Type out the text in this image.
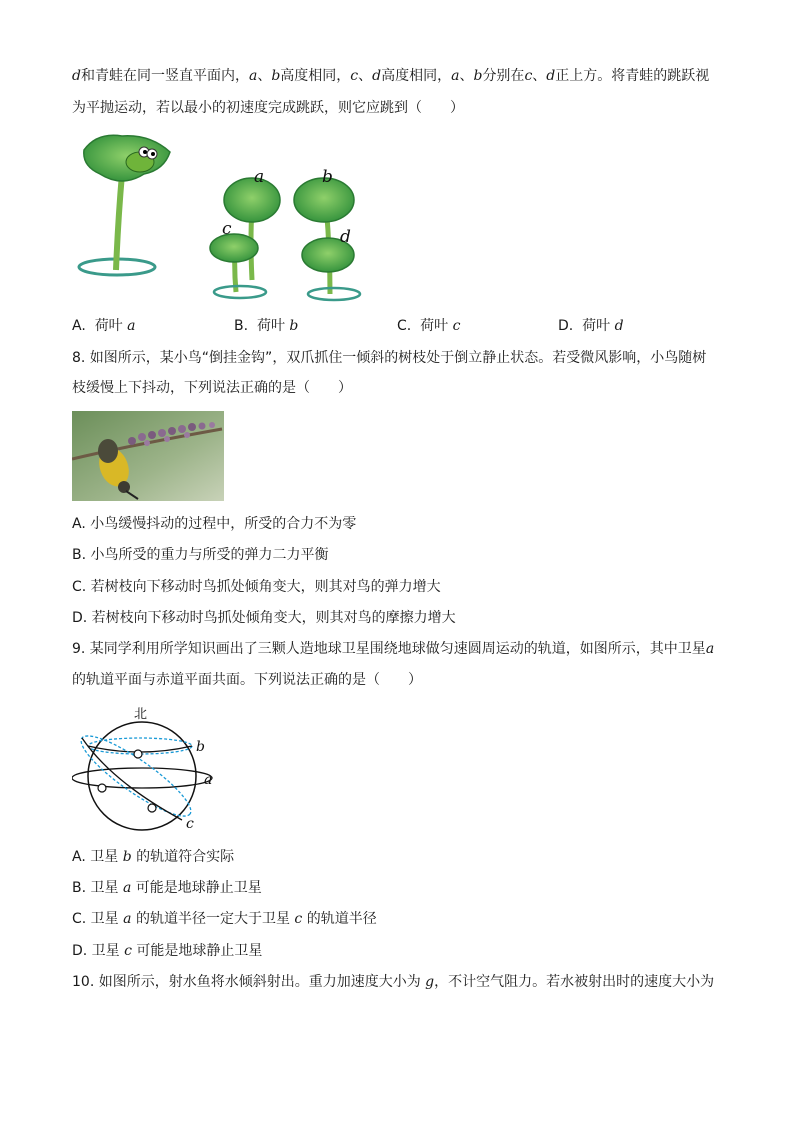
d和青蛙在同一竖直平面内，a、b高度相同，c、d高度相同，a、b分别在c、d正上方。将青蛙的跳跃视
为平抛运动，若以最小的初速度完成跳跃，则它应跳到（　　）
a	b
c	d
A. 荷叶 a	B. 荷叶 b	C. 荷叶 c	D. 荷叶 d
8. 如图所示，某小鸟“倒挂金钩”，双爪抓住一倾斜的树枝处于倒立静止状态。若受微风影响，小鸟随树
枝缓慢上下抖动，下列说法正确的是（　　）
A. 小鸟缓慢抖动的过程中，所受的合力不为零
B. 小鸟所受的重力与所受的弹力二力平衡
C. 若树枝向下移动时鸟抓处倾角变大，则其对鸟的弹力增大
D. 若树枝向下移动时鸟抓处倾角变大，则其对鸟的摩擦力增大
9. 某同学利用所学知识画出了三颗人造地球卫星围绕地球做匀速圆周运动的轨道，如图所示，其中卫星a
的轨道平面与赤道平面共面。下列说法正确的是（　　）
北
b
a
c
A. 卫星 b 的轨道符合实际
B. 卫星 a 可能是地球静止卫星
C. 卫星 a 的轨道半径一定大于卫星 c 的轨道半径
D. 卫星 c 可能是地球静止卫星
10. 如图所示，射水鱼将水倾斜射出。重力加速度大小为 g，不计空气阻力。若水被射出时的速度大小为
